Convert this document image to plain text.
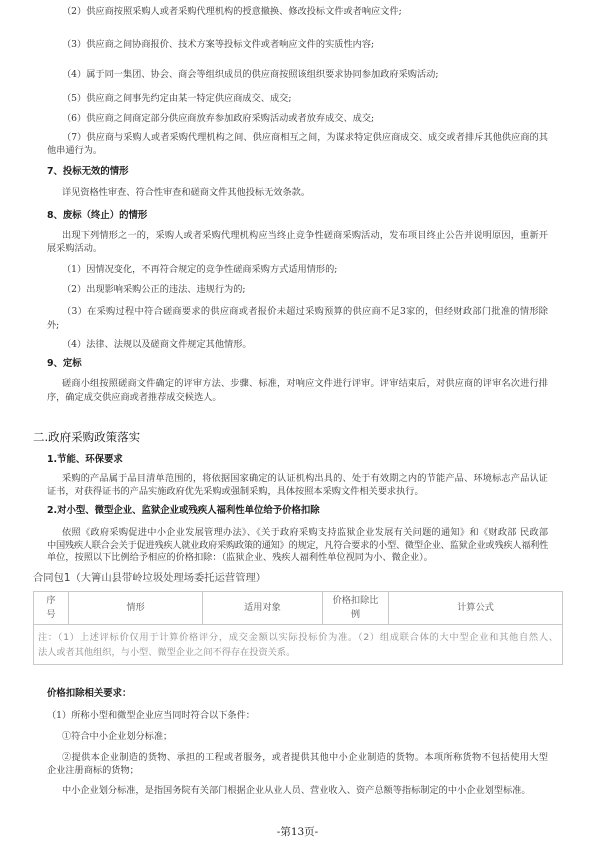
（2）供应商按照采购人或者采购代理机构的授意撤换、修改投标文件或者响应文件;
（3）供应商之间协商报价、技术方案等投标文件或者响应文件的实质性内容;
（4）属于同一集团、协会、商会等组织成员的供应商按照该组织要求协同参加政府采购活动;
（5）供应商之间事先约定由某一特定供应商成交、成交;
（6）供应商之间商定部分供应商放弃参加政府采购活动或者放弃成交、成交;
（7）供应商与采购人或者采购代理机构之间、供应商相互之间，为谋求特定供应商成交、成交或者排斥其他供应商的其
他串通行为。
7、投标无效的情形
详见资格性审查、符合性审查和磋商文件其他投标无效条款。
8、废标（终止）的情形
出现下列情形之一的，采购人或者采购代理机构应当终止竞争性磋商采购活动，发布项目终止公告并说明原因，重新开
展采购活动。
（1）因情况变化，不再符合规定的竞争性磋商采购方式适用情形的;
（2）出现影响采购公正的违法、违规行为的;
（3）在采购过程中符合磋商要求的供应商或者报价未超过采购预算的供应商不足3家的，但经财政部门批准的情形除
外;
（4）法律、法规以及磋商文件规定其他情形。
9、定标
磋商小组按照磋商文件确定的评审方法、步骤、标准，对响应文件进行评审。评审结束后，对供应商的评审名次进行排
序，确定成交供应商或者推荐成交候选人。
二.政府采购政策落实
1.节能、环保要求
采购的产品属于品目清单范围的，将依据国家确定的认证机构出具的、处于有效期之内的节能产品、环境标志产品认证
证书，对获得证书的产品实施政府优先采购或强制采购，具体按照本采购文件相关要求执行。
2.对小型、微型企业、监狱企业或残疾人福利性单位给予价格扣除
依照《政府采购促进中小企业发展管理办法》、《关于政府采购支持监狱企业发展有关问题的通知》和《财政部 民政部
中国残疾人联合会关于促进残疾人就业政府采购政策的通知》的规定，凡符合要求的小型、微型企业、监狱企业或残疾人福利性
单位，按照以下比例给予相应的价格扣除：（监狱企业、残疾人福利性单位视同为小、微企业）。
合同包1（大箐山县带岭垃圾处理场委托运营管理）
序号	情形	适用对象	价格扣除比例	计算公式

注：（1）上述评标价仅用于计算价格评分，成交金额以实际投标价为准。（2）组成联合体的大中型企业和其他自然人、
法人或者其他组织，与小型、微型企业之间不得存在投资关系。
价格扣除相关要求：
（1）所称小型和微型企业应当同时符合以下条件：
①符合中小企业划分标准；
②提供本企业制造的货物、承担的工程或者服务，或者提供其他中小企业制造的货物。本项所称货物不包括使用大型
企业注册商标的货物；
中小企业划分标准，是指国务院有关部门根据企业从业人员、营业收入、资产总额等指标制定的中小企业划型标准。
-第13页-
